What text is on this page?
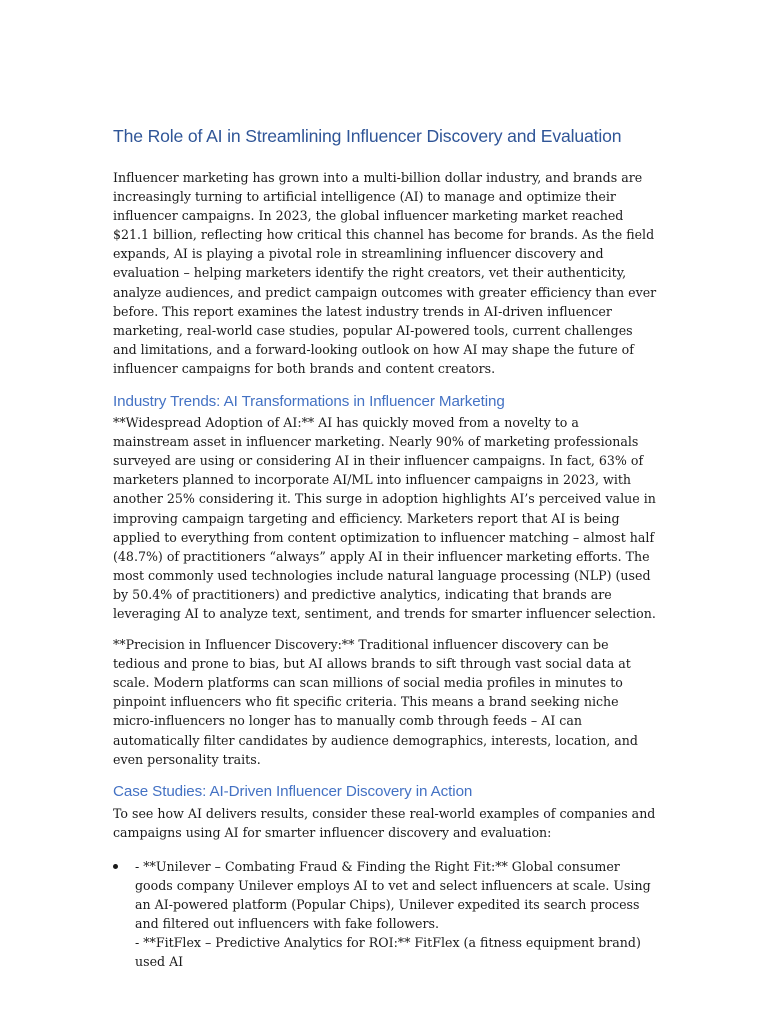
The Role of AI in Streamlining Influencer Discovery and Evaluation

Influencer marketing has grown into a multi-billion dollar industry, and brands are increasingly turning to artificial intelligence (AI) to manage and optimize their influencer campaigns. In 2023, the global influencer marketing market reached $21.1 billion, reflecting how critical this channel has become for brands. As the field expands, AI is playing a pivotal role in streamlining influencer discovery and evaluation – helping marketers identify the right creators, vet their authenticity, analyze audiences, and predict campaign outcomes with greater efficiency than ever before. This report examines the latest industry trends in AI-driven influencer marketing, real-world case studies, popular AI-powered tools, current challenges and limitations, and a forward-looking outlook on how AI may shape the future of influencer campaigns for both brands and content creators.

Industry Trends: AI Transformations in Influencer Marketing

**Widespread Adoption of AI:** AI has quickly moved from a novelty to a mainstream asset in influencer marketing. Nearly 90% of marketing professionals surveyed are using or considering AI in their influencer campaigns. In fact, 63% of marketers planned to incorporate AI/ML into influencer campaigns in 2023, with another 25% considering it. This surge in adoption highlights AI’s perceived value in improving campaign targeting and efficiency. Marketers report that AI is being applied to everything from content optimization to influencer matching – almost half (48.7%) of practitioners “always” apply AI in their influencer marketing efforts. The most commonly used technologies include natural language processing (NLP) (used by 50.4% of practitioners) and predictive analytics, indicating that brands are leveraging AI to analyze text, sentiment, and trends for smarter influencer selection.

**Precision in Influencer Discovery:** Traditional influencer discovery can be tedious and prone to bias, but AI allows brands to sift through vast social data at scale. Modern platforms can scan millions of social media profiles in minutes to pinpoint influencers who fit specific criteria. This means a brand seeking niche micro-influencers no longer has to manually comb through feeds – AI can automatically filter candidates by audience demographics, interests, location, and even personality traits.

Case Studies: AI-Driven Influencer Discovery in Action

To see how AI delivers results, consider these real-world examples of companies and campaigns using AI for smarter influencer discovery and evaluation:

- **Unilever – Combating Fraud & Finding the Right Fit:** Global consumer goods company Unilever employs AI to vet and select influencers at scale. Using an AI-powered platform (Popular Chips), Unilever expedited its search process and filtered out influencers with fake followers.
- **FitFlex – Predictive Analytics for ROI:** FitFlex (a fitness equipment brand) used AI
